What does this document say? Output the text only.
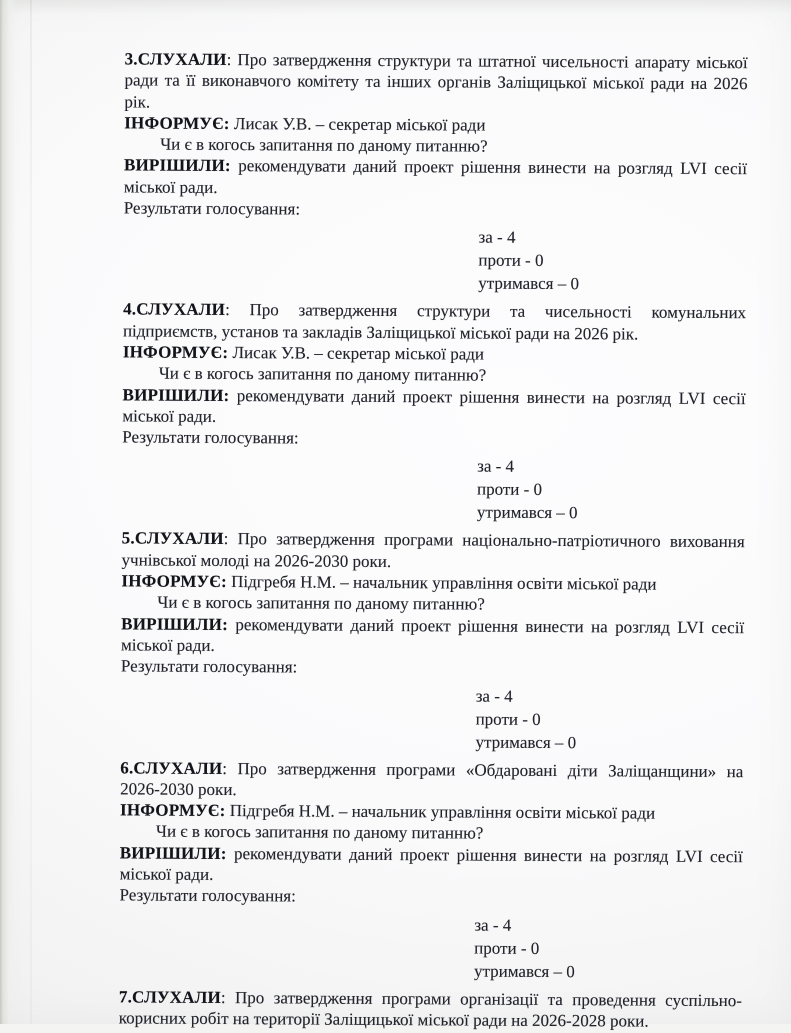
3.СЛУХАЛИ: Про затвердження структури та штатної чисельності апарату міської ради та її виконавчого комітету та інших органів Заліщицької міської ради на 2026 рік.

ІНФОРМУЄ: Лисак У.В. – секретар міської ради

Чи є в когось запитання по даному питанню?

ВИРІШИЛИ: рекомендувати даний проект рішення винести на розгляд LVI сесії міської ради.

Результати голосування:

за - 4
проти - 0
утримався – 0

4.СЛУХАЛИ: Про затвердження структури та чисельності комунальних підприємств, установ та закладів Заліщицької міської ради на 2026 рік.

ІНФОРМУЄ: Лисак У.В. – секретар міської ради

Чи є в когось запитання по даному питанню?

ВИРІШИЛИ: рекомендувати даний проект рішення винести на розгляд LVI сесії міської ради.

Результати голосування:

за - 4
проти - 0
утримався – 0

5.СЛУХАЛИ: Про затвердження програми національно-патріотичного виховання учнівської молоді на 2026-2030 роки.

ІНФОРМУЄ: Підгребя Н.М. – начальник управління освіти міської ради

Чи є в когось запитання по даному питанню?

ВИРІШИЛИ: рекомендувати даний проект рішення винести на розгляд LVI сесії міської ради.

Результати голосування:

за - 4
проти - 0
утримався – 0

6.СЛУХАЛИ: Про затвердження програми «Обдаровані діти Заліщанщини» на 2026-2030 роки.

ІНФОРМУЄ: Підгребя Н.М. – начальник управління освіти міської ради

Чи є в когось запитання по даному питанню?

ВИРІШИЛИ: рекомендувати даний проект рішення винести на розгляд LVI сесії міської ради.

Результати голосування:

за - 4
проти - 0
утримався – 0

7.СЛУХАЛИ: Про затвердження програми організації та проведення суспільно-корисних робіт на території Заліщицької міської ради на 2026-2028 роки.
